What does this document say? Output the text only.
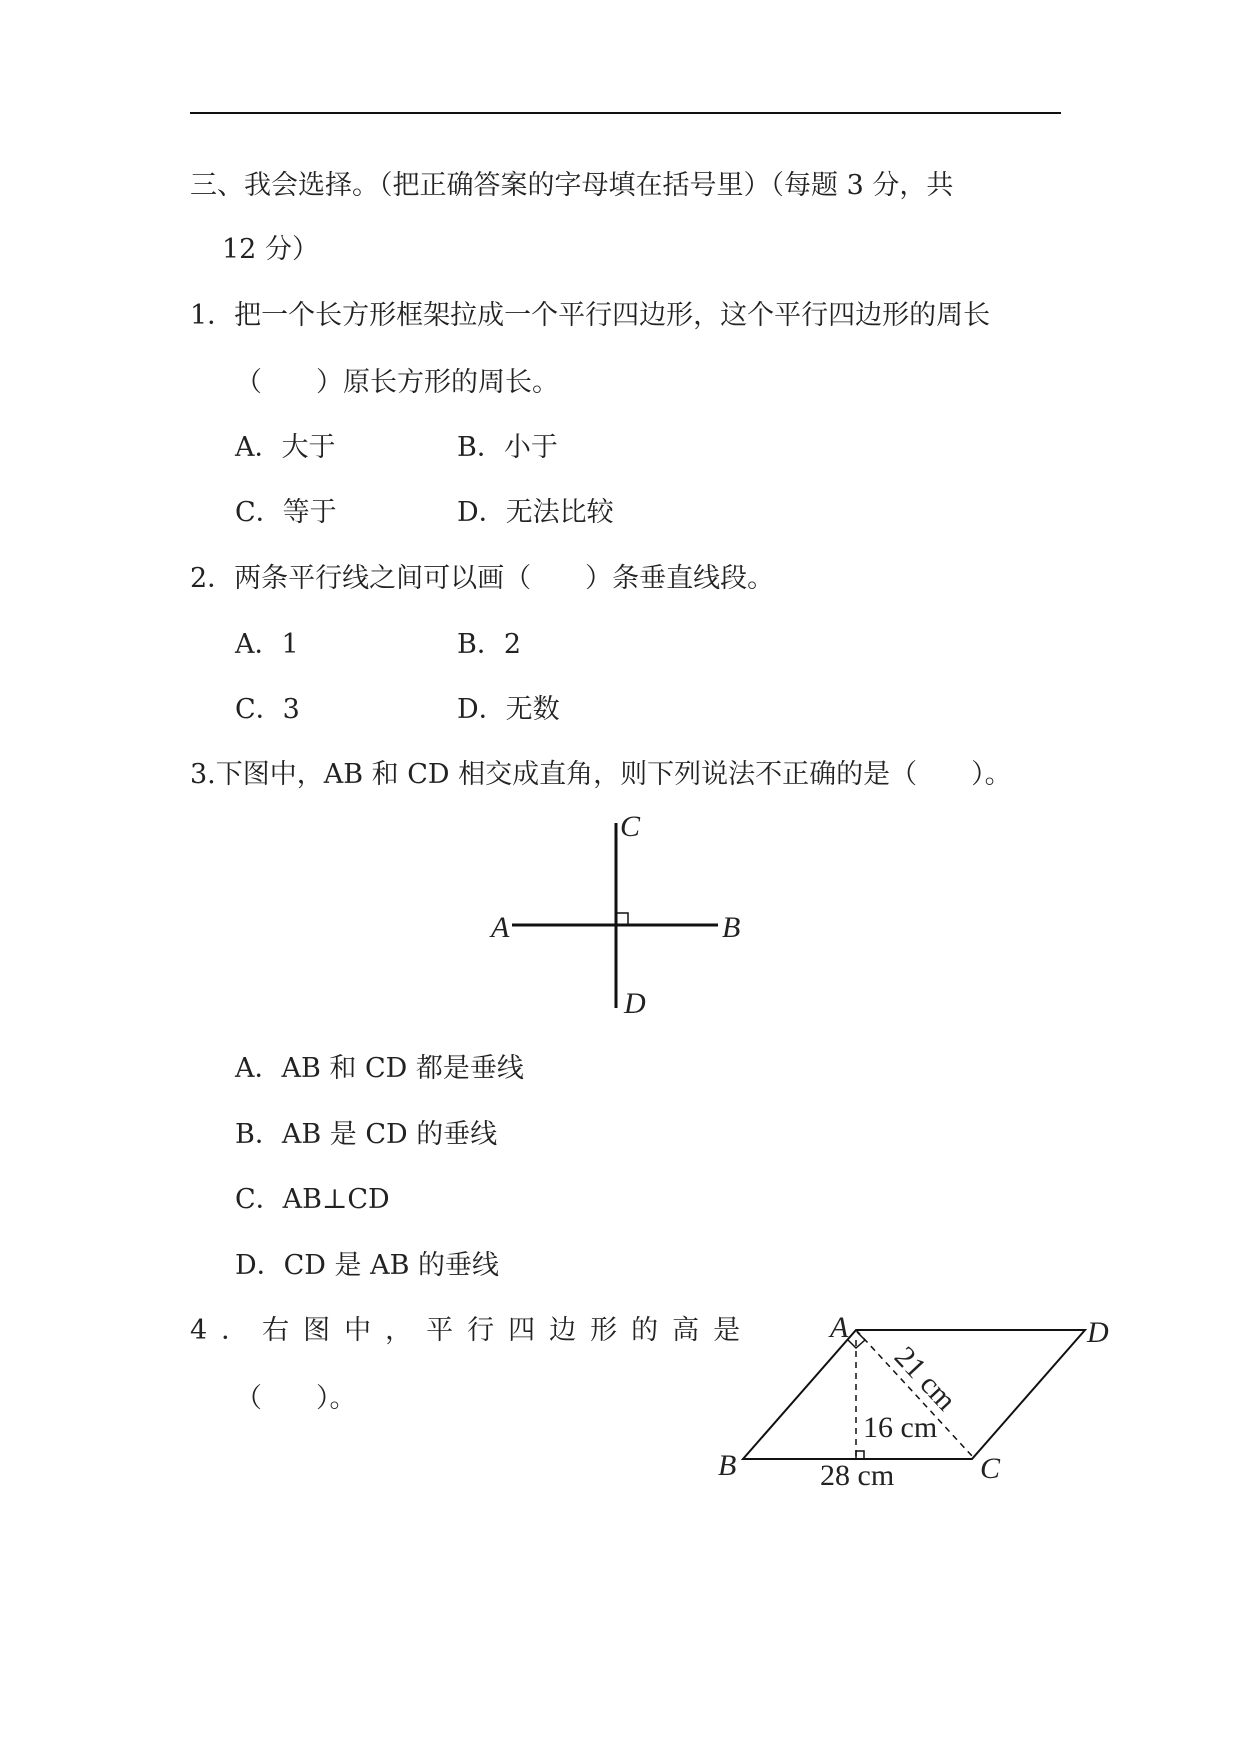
三、我会选择。（把正确答案的字母填在括号里）（每题 3 分，共
12 分）
1．把一个长方形框架拉成一个平行四边形，这个平行四边形的周长
（　　）原长方形的周长。
A．大于	B．小于
C．等于	D．无法比较
2．两条平行线之间可以画（　　）条垂直线段。
A．1	B．2
C．3	D．无数
3.下图中，AB 和 CD 相交成直角，则下列说法不正确的是（　　）。
A	B
C
D
A	D
B	C
21 cm
16 cm
28 cm
A．AB 和 CD 都是垂线
B．AB 是 CD 的垂线
C．AB⊥CD
D．CD 是 AB 的垂线
4．右图中，平行四边形的高是
（　　）。
